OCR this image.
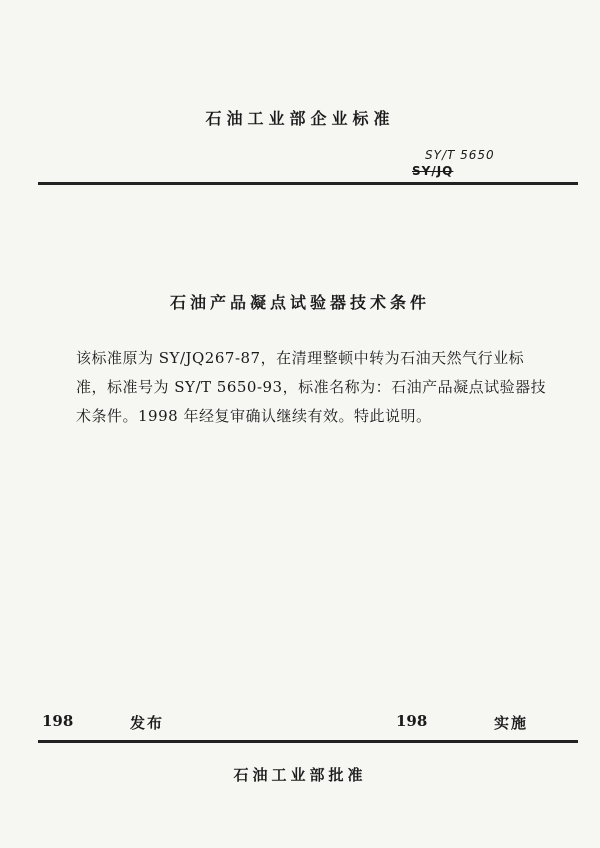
石油工业部企业标准
SY/T 5650
SY/JQ
石油产品凝点试验器技术条件

该标准原为 SY/JQ267-87，在清理整顿中转为石油天然气行业标准，标准号为 SY/T 5650-93，标准名称为：石油产品凝点试验器技术条件。1998 年经复审确认继续有效。特此说明。

198	发布	198	实施
石油工业部批准
